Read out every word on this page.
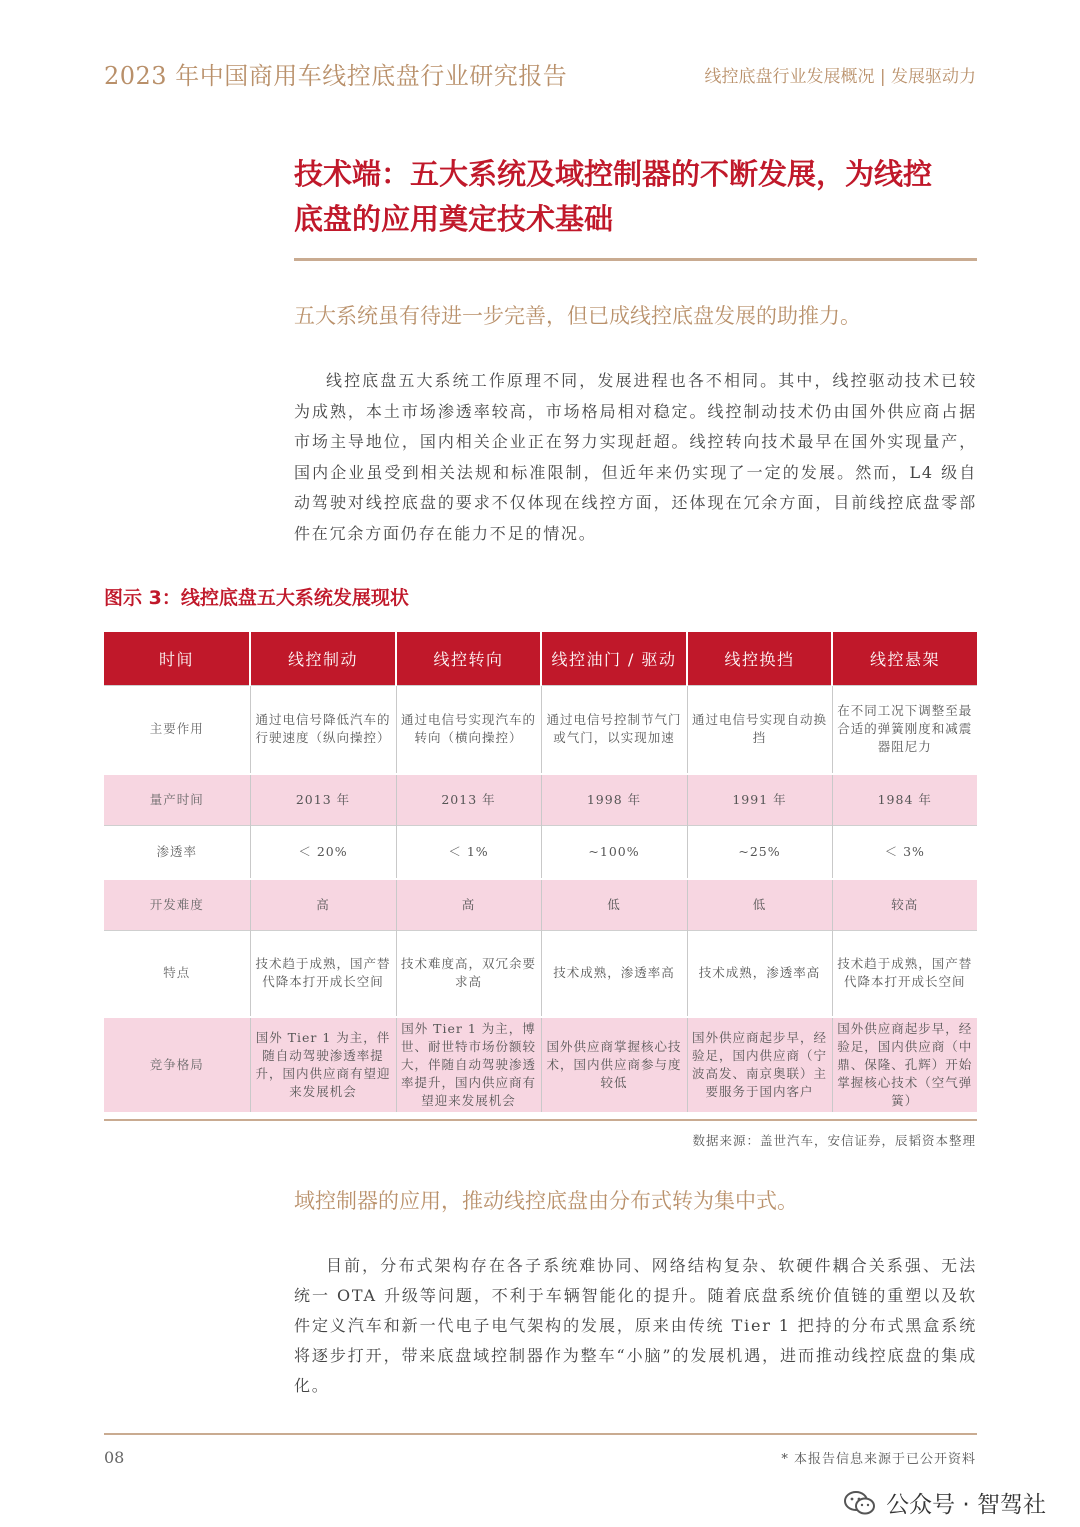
2023 年中国商用车线控底盘行业研究报告	线控底盘行业发展概况 | 发展驱动力
技术端：五大系统及域控制器的不断发展，为线控
底盘的应用奠定技术基础
五大系统虽有待进一步完善，但已成线控底盘发展的助推力。
线控底盘五大系统工作原理不同，发展进程也各不相同。其中，线控驱动技术已较为成熟，本土市场渗透率较高，市场格局相对稳定。线控制动技术仍由国外供应商占据市场主导地位，国内相关企业正在努力实现赶超。线控转向技术最早在国外实现量产，国内企业虽受到相关法规和标准限制，但近年来仍实现了一定的发展。然而，L4 级自动驾驶对线控底盘的要求不仅体现在线控方面，还体现在冗余方面，目前线控底盘零部件在冗余方面仍存在能力不足的情况。
图示 3：线控底盘五大系统发展现状
时间	线控制动	线控转向	线控油门 / 驱动	线控换挡	线控悬架
主要作用	通过电信号降低汽车的行驶速度（纵向操控）	通过电信号实现汽车的转向（横向操控）	通过电信号控制节气门或气门，以实现加速	通过电信号实现自动换挡	在不同工况下调整至最合适的弹簧刚度和减震器阻尼力
量产时间	2013 年	2013 年	1998 年	1991 年	1984 年
渗透率	＜ 20%	＜ 1%	~100%	~25%	＜ 3%
开发难度	高	高	低	低	较高
特点	技术趋于成熟，国产替代降本打开成长空间	技术难度高，双冗余要求高	技术成熟，渗透率高	技术成熟，渗透率高	技术趋于成熟，国产替代降本打开成长空间
竞争格局	国外 Tier 1 为主，伴随自动驾驶渗透率提升，国内供应商有望迎来发展机会	国外 Tier 1 为主，博世、耐世特市场份额较大，伴随自动驾驶渗透率提升，国内供应商有望迎来发展机会	国外供应商掌握核心技术，国内供应商参与度较低	国外供应商起步早，经验足，国内供应商（宁波高发、南京奥联）主要服务于国内客户	国外供应商起步早，经验足，国内供应商（中鼎、保隆、孔辉）开始掌握核心技术（空气弹簧）
数据来源：盖世汽车，安信证券，辰韬资本整理
域控制器的应用，推动线控底盘由分布式转为集中式。
目前，分布式架构存在各子系统难协同、网络结构复杂、软硬件耦合关系强、无法统一 OTA 升级等问题，不利于车辆智能化的提升。随着底盘系统价值链的重塑以及软件定义汽车和新一代电子电气架构的发展，原来由传统 Tier 1 把持的分布式黑盒系统将逐步打开，带来底盘域控制器作为整车“小脑”的发展机遇，进而推动线控底盘的集成化。
08	* 本报告信息来源于已公开资料
公众号 · 智驾社
